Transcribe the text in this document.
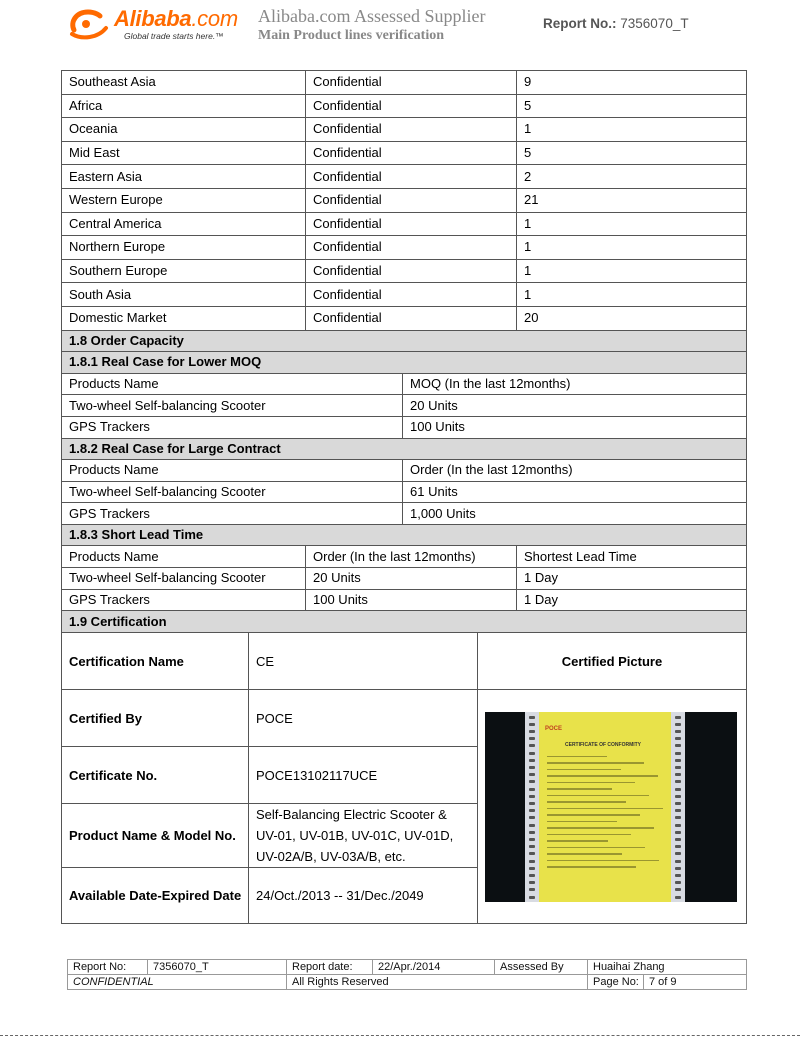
Alibaba.com
Global trade starts here.™
Alibaba.com Assessed Supplier
Main Product lines verification
Report No.: 7356070_T
Southeast Asia	Confidential		9
Africa	Confidential		5
Oceania	Confidential		1
Mid East	Confidential		5
Eastern Asia	Confidential		2
Western Europe	Confidential		21
Central America	Confidential		1
Northern Europe	Confidential		1
Southern Europe	Confidential		1
South Asia	Confidential		1
Domestic Market	Confidential		20
1.8 Order Capacity			
1.8.1 Real Case for Lower MOQ			
Products Name		MOQ (In the last 12months)	
Two-wheel Self-balancing Scooter		20 Units	
GPS Trackers		100 Units	
1.8.2 Real Case for Large Contract			
Products Name		Order (In the last 12months)	
Two-wheel Self-balancing Scooter		61 Units	
GPS Trackers		1,000 Units	
1.8.3 Short Lead Time			
Products Name	Order (In the last 12months)		Shortest Lead Time
Two-wheel Self-balancing Scooter	20 Units		1 Day
GPS Trackers	100 Units		1 Day
1.9 Certification			
Certification Name	CE	Certified Picture
Certified By	POCE	POCE
CERTIFICATE OF CONFORMITY

Certificate No.	POCE13102117UCE	
Product Name & Model No.	Self-Balancing Electric Scooter &
UV-01, UV-01B, UV-01C, UV-01D,
UV-02A/B, UV-03A/B, etc.	

Available Date-Expired Date	24/Oct./2013 -- 31/Dec./2049	
Report No:	7356070_T	Report date:	22/Apr./2014	Assessed By	Huaihai Zhang	
CONFIDENTIAL		All Rights Reserved			Page No:	7 of 9
